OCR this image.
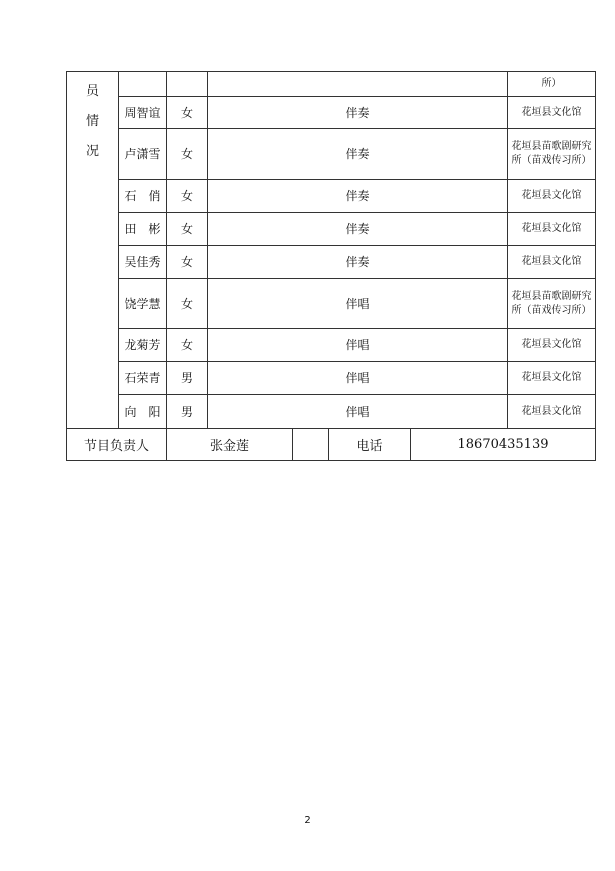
员
情
况				所）
	周智谊	女	伴奏	花垣县文化馆
	卢潇雪	女	伴奏	花垣县苗歌剧研究所（苗戏传习所）
	石　俏	女	伴奏	花垣县文化馆
	田　彬	女	伴奏	花垣县文化馆
	吴佳秀	女	伴奏	花垣县文化馆
	饶学慧	女	伴唱	花垣县苗歌剧研究所（苗戏传习所）
	龙菊芳	女	伴唱	花垣县文化馆
	石荣青	男	伴唱	花垣县文化馆
	向　阳	男	伴唱	花垣县文化馆
节目负责人	张金莲		电话	18670435139
2
